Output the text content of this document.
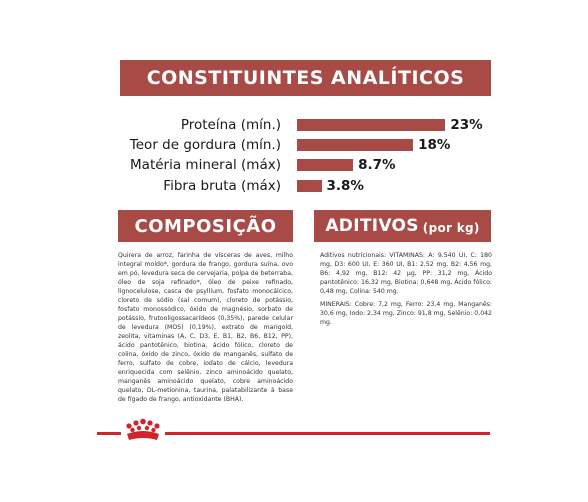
CONSTITUINTES ANALÍTICOS
Proteína (mín.)	23%
Teor de gordura (mín.)	18%
Matéria mineral (máx)	8.7%
Fibra bruta (máx)	3.8%
COMPOSIÇÃO
Quirera de arroz, farinha de vísceras de aves, milho integral moído*, gordura de frango, gordura suína, ovo em pó, levedura seca de cervejaria, polpa de beterraba, óleo de soja refinado*, óleo de peixe refinado, lignocelulose, casca de psyllium, fosfato monocálcico, cloreto de sódio (sal comum), cloreto de potássio, fosfato monossódico, óxido de magnésio, sorbato de potássio, frutooligossacarídeos (0,35%), parede celular de levedura (MOS) (0,19%), extrato de marigold, zeolita, vitaminas (A, C, D3, E, B1, B2, B6, B12, PP), ácido pantotênico, biotina, ácido fólico, cloreto de colina, óxido de zinco, óxido de manganês, sulfato de ferro, sulfato de cobre, iodato de cálcio, levedura enriquecida com selênio, zinco aminoácido quelato, manganês aminoácido quelato, cobre aminoácido quelato, DL-metionina, taurina, palatabilizante à base de fígado de frango, antioxidante (BHA).
ADITIVOS (por kg)

Aditivos nutricionais: VITAMINAS: A: 9.540 UI, C: 180 mg, D3: 600 UI, E: 360 UI, B1: 2,52 mg, B2: 4,56 mg, B6: 4,92 mg, B12: 42 µg, PP: 31,2 mg, Ácido pantotênico: 16,32 mg, Biotina: 0,648 mg, Ácido fólico: 0,48 mg, Colina: 540 mg.

MINERAIS: Cobre: 7,2 mg, Ferro: 23,4 mg, Manganês: 30,6 mg, Iodo: 2,34 mg, Zinco: 91,8 mg, Selênio: 0,042 mg.
